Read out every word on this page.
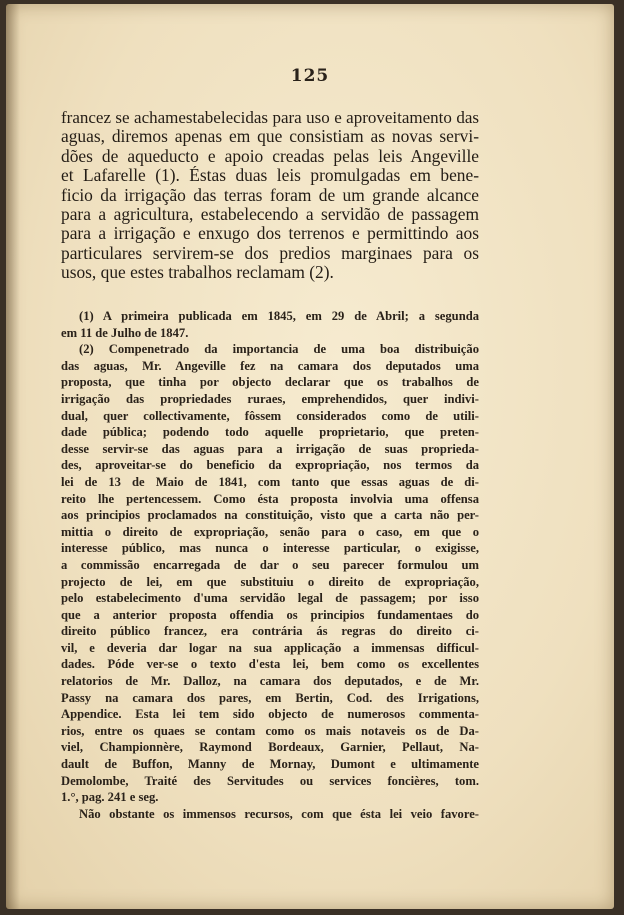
125
francez se achamestabelecidas para uso e aproveitamento das
aguas, diremos apenas em que consistiam as novas servi-
dões de aqueducto e apoio creadas pelas leis Angeville
et Lafarelle (1). Éstas duas leis promulgadas em bene-
ficio da irrigação das terras foram de um grande alcance
para a agricultura, estabelecendo a servidão de passagem
para a irrigação e enxugo dos terrenos e permittindo aos
particulares servirem-se dos predios marginaes para os
usos, que estes trabalhos reclamam (2).
(1) A primeira publicada em 1845, em 29 de Abril; a segunda
em 11 de Julho de 1847.
(2) Compenetrado da importancia de uma boa distribuição
das aguas, Mr. Angeville fez na camara dos deputados uma
proposta, que tinha por objecto declarar que os trabalhos de
irrigação das propriedades ruraes, emprehendidos, quer indivi-
dual, quer collectivamente, fôssem considerados como de utili-
dade pública; podendo todo aquelle proprietario, que preten-
desse servir-se das aguas para a irrigação de suas proprieda-
des, aproveitar-se do beneficio da expropriação, nos termos da
lei de 13 de Maio de 1841, com tanto que essas aguas de di-
reito lhe pertencessem. Como ésta proposta involvia uma offensa
aos principios proclamados na constituição, visto que a carta não per-
mittia o direito de expropriação, senão para o caso, em que o
interesse público, mas nunca o interesse particular, o exigisse,
a commissão encarregada de dar o seu parecer formulou um
projecto de lei, em que substituiu o direito de expropriação,
pelo estabelecimento d'uma servidão legal de passagem; por isso
que a anterior proposta offendia os principios fundamentaes do
direito público francez, era contrária ás regras do direito ci-
vil, e deveria dar logar na sua applicação a immensas difficul-
dades. Póde ver-se o texto d'esta lei, bem como os excellentes
relatorios de Mr. Dalloz, na camara dos deputados, e de Mr.
Passy na camara dos pares, em Bertin, Cod. des Irrigations,
Appendice. Esta lei tem sido objecto de numerosos commenta-
rios, entre os quaes se contam como os mais notaveis os de Da-
viel, Championnère, Raymond Bordeaux, Garnier, Pellaut, Na-
dault de Buffon, Manny de Mornay, Dumont e ultimamente
Demolombe, Traité des Servitudes ou services foncières, tom.
1.°, pag. 241 e seg.
Não obstante os immensos recursos, com que ésta lei veio favore-
